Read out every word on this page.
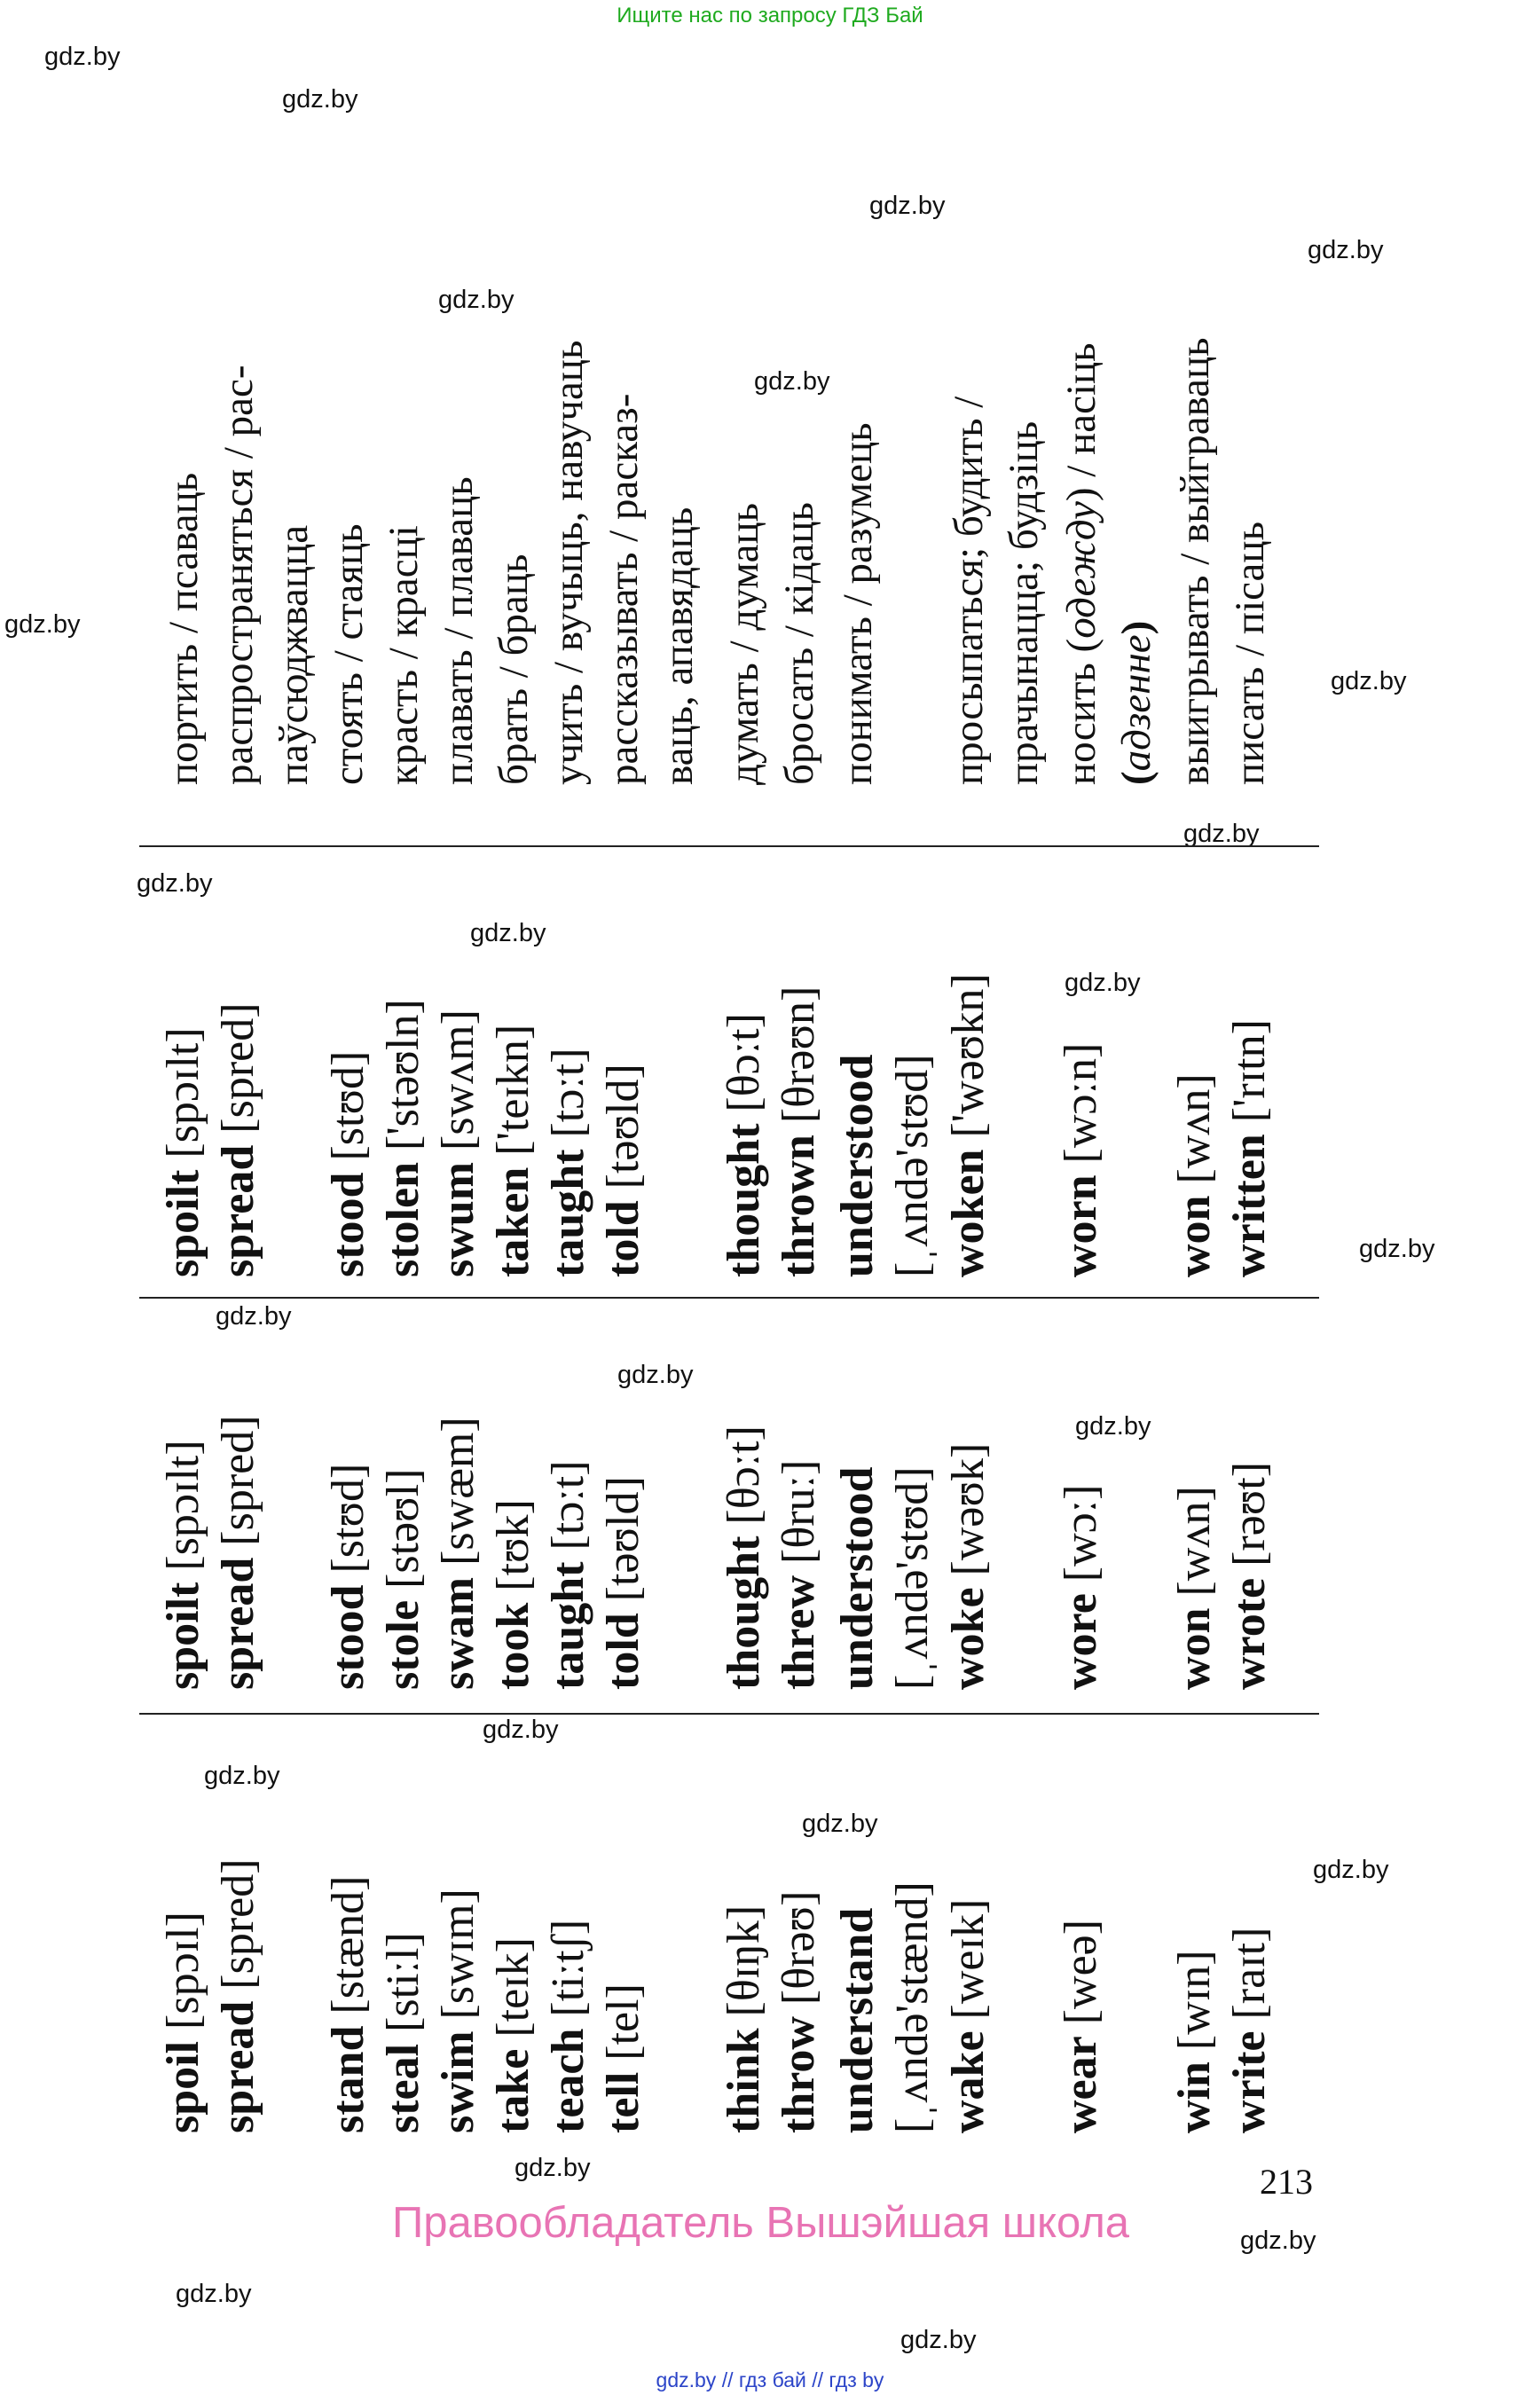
Ищите нас по запросу ГДЗ Бай
gdz.by
gdz.by
gdz.by
gdz.by
gdz.by
gdz.by
gdz.by
gdz.by
gdz.by
gdz.by
gdz.by
gdz.by
gdz.by
gdz.by
gdz.by
gdz.by
gdz.by
gdz.by
gdz.by
gdz.by
gdz.by
gdz.by
gdz.by
gdz.by
spoil [spɔɪl]
spoilt [spɔɪlt]
spoilt [spɔɪlt]
портить / псаваць
spread [spred]
spread [spred]
spread [spred]
распространяться / рас- паўсюджвацца
stand [stænd]
stood [stʊd]
stood [stʊd]
стоять / стаяць
steal [stiːl]
stole [stəʊl]
stolen ['stəʊln]
красть / красці
swim [swɪm]
swam [swæm]
swum [swʌm]
плавать / плаваць
take [teɪk]
took [tʊk]
taken ['teɪkn]
брать / браць
teach [tiːtʃ]
taught [tɔːt]
taught [tɔːt]
учить / вучыць, навучаць
tell [tel]
told [təʊld]
told [təʊld]
рассказывать / расказ- ваць, апавядаць
think [θɪŋk]
thought [θɔːt]
thought [θɔːt]
думать / думаць
throw [θrəʊ]
threw [θruː]
thrown [θrəʊn]
бросать / кідаць
understand
understood
understood
понимать / разумець
[ˌʌndə'stænd]
[ˌʌndə'stʊd]
[ˌʌndə'stʊd]
wake [weɪk]
woke [wəʊk]
woken ['wəʊkn]
просыпаться; будить / прачынацца; будзіць
wear [weə]
wore [wɔː]
worn [wɔːn]
носить (одежду) / насіць
(адзенне)
win [wɪn]
won [wʌn]
won [wʌn]
выигрывать / выйграваць
write [raɪt]
wrote [rəʊt]
written ['rɪtn]
писать / пісаць
213
Правообладатель Вышэйшая школа
gdz.by // гдз бай // гдз by
